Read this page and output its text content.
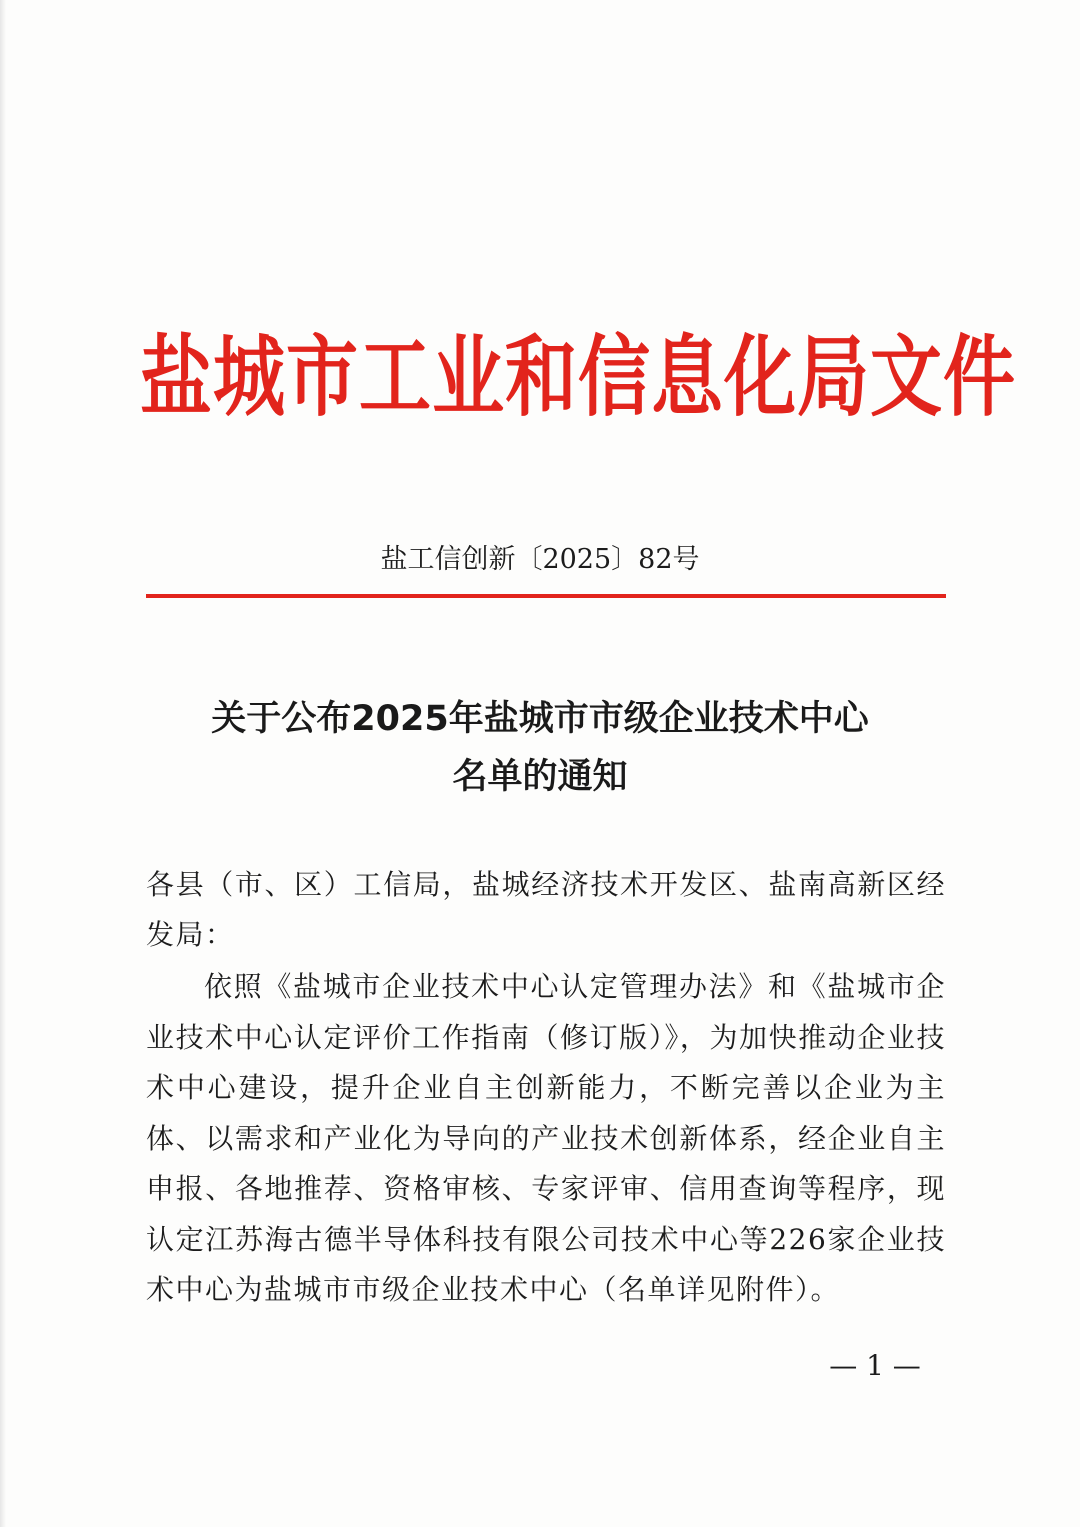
盐城市工业和信息化局文件
盐工信创新〔2025〕82号
关于公布2025年盐城市市级企业技术中心
名单的通知
各县（市、区）工信局，盐城经济技术开发区、盐南高新区经发局：
依照《盐城市企业技术中心认定管理办法》和《盐城市企业技术中心认定评价工作指南（修订版）》，为加快推动企业技术中心建设，提升企业自主创新能力，不断完善以企业为主体、以需求和产业化为导向的产业技术创新体系，经企业自主申报、各地推荐、资格审核、专家评审、信用查询等程序，现认定江苏海古德半导体科技有限公司技术中心等226家企业技术中心为盐城市市级企业技术中心（名单详见附件）。
— 1 —
